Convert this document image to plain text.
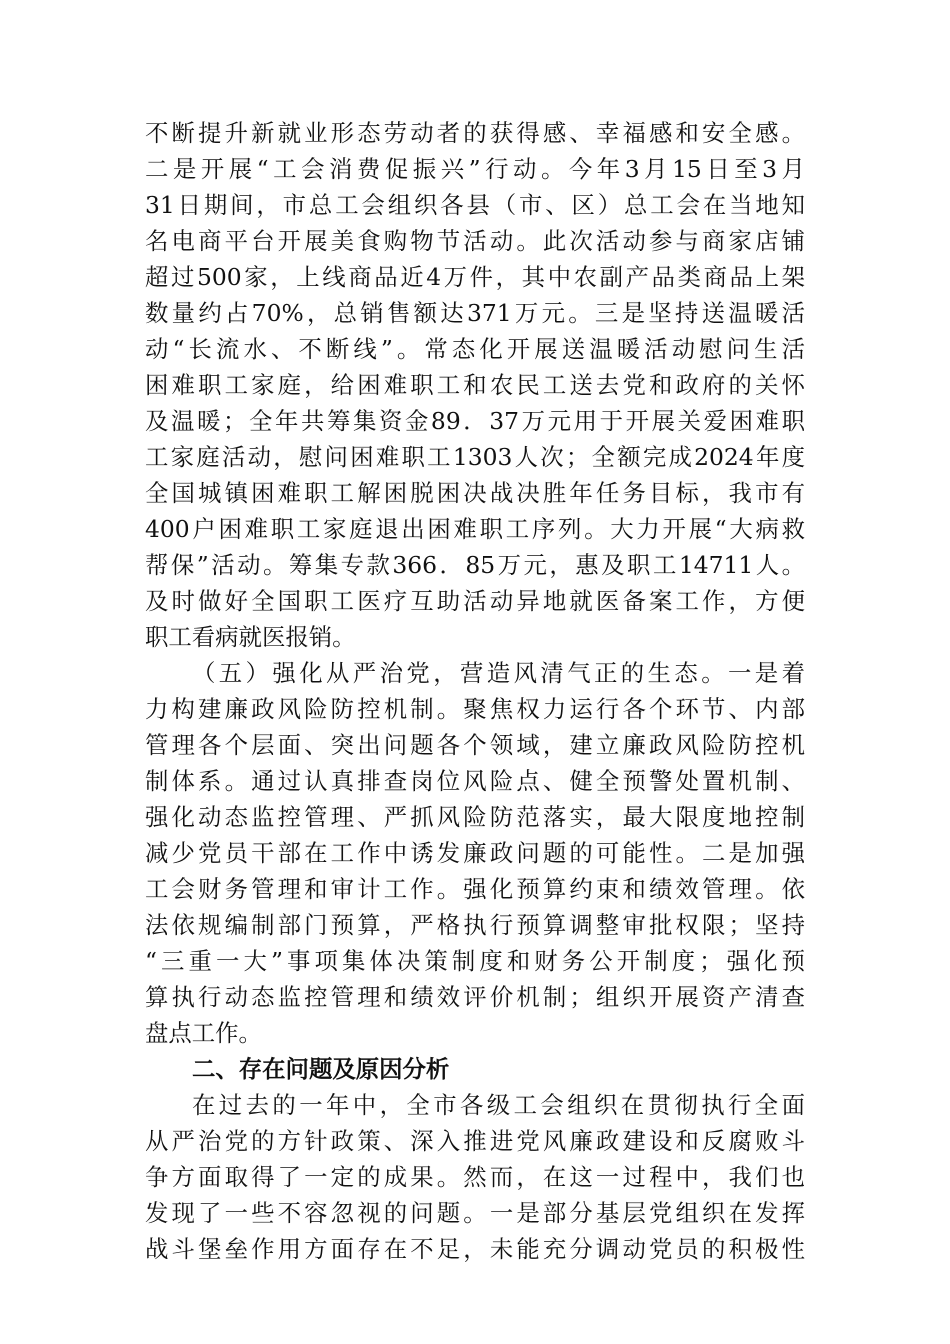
不断提升新就业形态劳动者的获得感、幸福感和安全感。
二是开展“工会消费促振兴”行动。今年3月15日至3月
31日期间，市总工会组织各县（市、区）总工会在当地知
名电商平台开展美食购物节活动。此次活动参与商家店铺
超过500家，上线商品近4万件，其中农副产品类商品上架
数量约占70%，总销售额达371万元。三是坚持送温暖活
动“长流水、不断线”。常态化开展送温暖活动慰问生活
困难职工家庭，给困难职工和农民工送去党和政府的关怀
及温暖；全年共筹集资金89．37万元用于开展关爱困难职
工家庭活动，慰问困难职工1303人次；全额完成2024年度
全国城镇困难职工解困脱困决战决胜年任务目标，我市有
400户困难职工家庭退出困难职工序列。大力开展“大病救
帮保”活动。筹集专款366．85万元，惠及职工14711人。
及时做好全国职工医疗互助活动异地就医备案工作，方便
职工看病就医报销。
（五）强化从严治党，营造风清气正的生态。一是着
力构建廉政风险防控机制。聚焦权力运行各个环节、内部
管理各个层面、突出问题各个领域，建立廉政风险防控机
制体系。通过认真排查岗位风险点、健全预警处置机制、
强化动态监控管理、严抓风险防范落实，最大限度地控制
减少党员干部在工作中诱发廉政问题的可能性。二是加强
工会财务管理和审计工作。强化预算约束和绩效管理。依
法依规编制部门预算，严格执行预算调整审批权限；坚持
“三重一大”事项集体决策制度和财务公开制度；强化预
算执行动态监控管理和绩效评价机制；组织开展资产清查
盘点工作。
二、存在问题及原因分析
在过去的一年中，全市各级工会组织在贯彻执行全面
从严治党的方针政策、深入推进党风廉政建设和反腐败斗
争方面取得了一定的成果。然而，在这一过程中，我们也
发现了一些不容忽视的问题。一是部分基层党组织在发挥
战斗堡垒作用方面存在不足，未能充分调动党员的积极性
